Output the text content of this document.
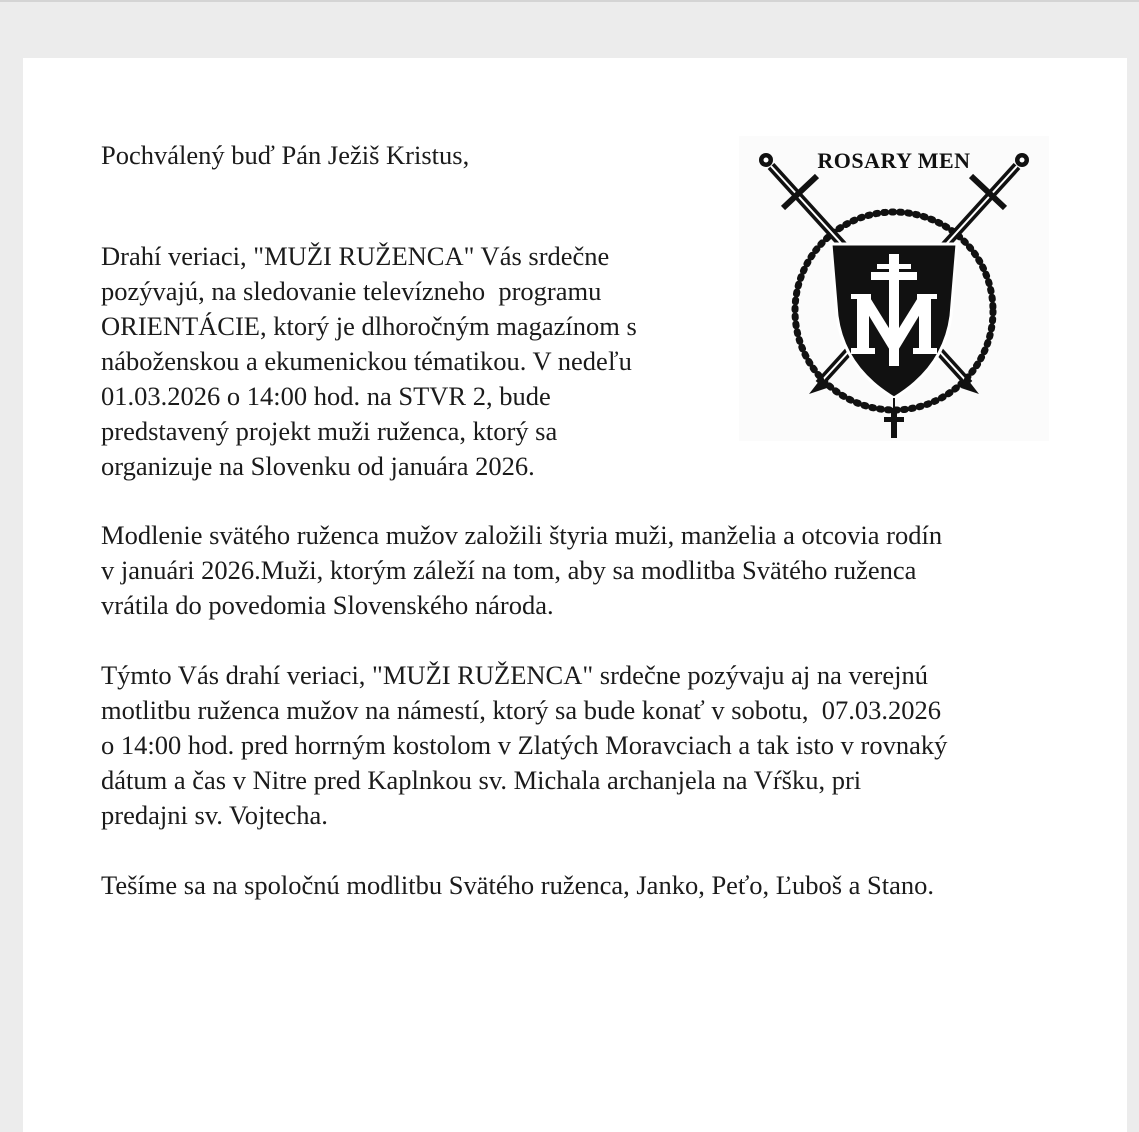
Pochválený buď Pán Ježiš Kristus,

Drahí veriaci, "MUŽI RUŽENCA" Vás srdečne
pozývajú, na sledovanie televízneho  programu
ORIENTÁCIE, ktorý je dlhoročným magazínom s
náboženskou a ekumenickou tématikou. V nedeľu
01.03.2026 o 14:00 hod. na STVR 2, bude
predstavený projekt muži ruženca, ktorý sa
organizuje na Slovenku od januára 2026.

Modlenie svätého ruženca mužov založili štyria muži, manželia a otcovia rodín
v januári 2026.Muži, ktorým záleží na tom, aby sa modlitba Svätého ruženca
vrátila do povedomia Slovenského národa.

Týmto Vás drahí veriaci, "MUŽI RUŽENCA" srdečne pozývaju aj na verejnú
motlitbu ruženca mužov na námestí, ktorý sa bude konať v sobotu,  07.03.2026
o 14:00 hod. pred horrným kostolom v Zlatých Moravciach a tak isto v rovnaký
dátum a čas v Nitre pred Kaplnkou sv. Michala archanjela na Vŕšku, pri
predajni sv. Vojtecha.

Tešíme sa na spoločnú modlitbu Svätého ruženca, Janko, Peťo, Ľuboš a Stano.

ROSARY MEN
